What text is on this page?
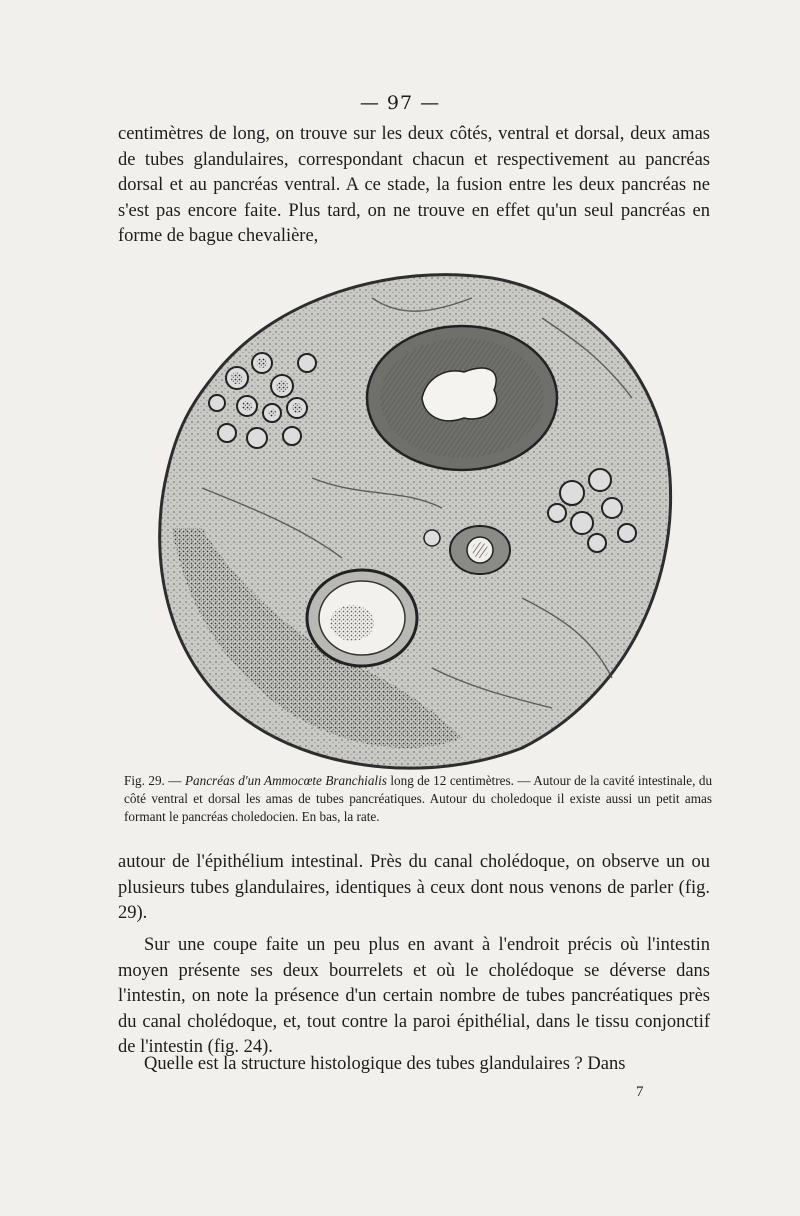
— 97 —

centimètres de long, on trouve sur les deux côtés, ventral et dorsal, deux amas de tubes glandulaires, correspondant chacun et respectivement au pancréas dorsal et au pancréas ventral. A ce stade, la fusion entre les deux pancréas ne s'est pas encore faite. Plus tard, on ne trouve en effet qu'un seul pancréas en forme de bague chevalière,

Fig. 29. — Pancréas d'un Ammocœte Branchialis long de 12 centimètres. — Autour de la cavité intestinale, du côté ventral et dorsal les amas de tubes pancréatiques. Autour du choledoque il existe aussi un petit amas formant le pancréas choledocien. En bas, la rate.

autour de l'épithélium intestinal. Près du canal cholédoque, on observe un ou plusieurs tubes glandulaires, identiques à ceux dont nous venons de parler (fig. 29).

Sur une coupe faite un peu plus en avant à l'endroit précis où l'intestin moyen présente ses deux bourrelets et où le cholédoque se déverse dans l'intestin, on note la présence d'un certain nombre de tubes pancréatiques près du canal cholédoque, et, tout contre la paroi épithélial, dans le tissu conjonctif de l'intestin (fig. 24).

Quelle est la structure histologique des tubes glandulaires ? Dans

7
